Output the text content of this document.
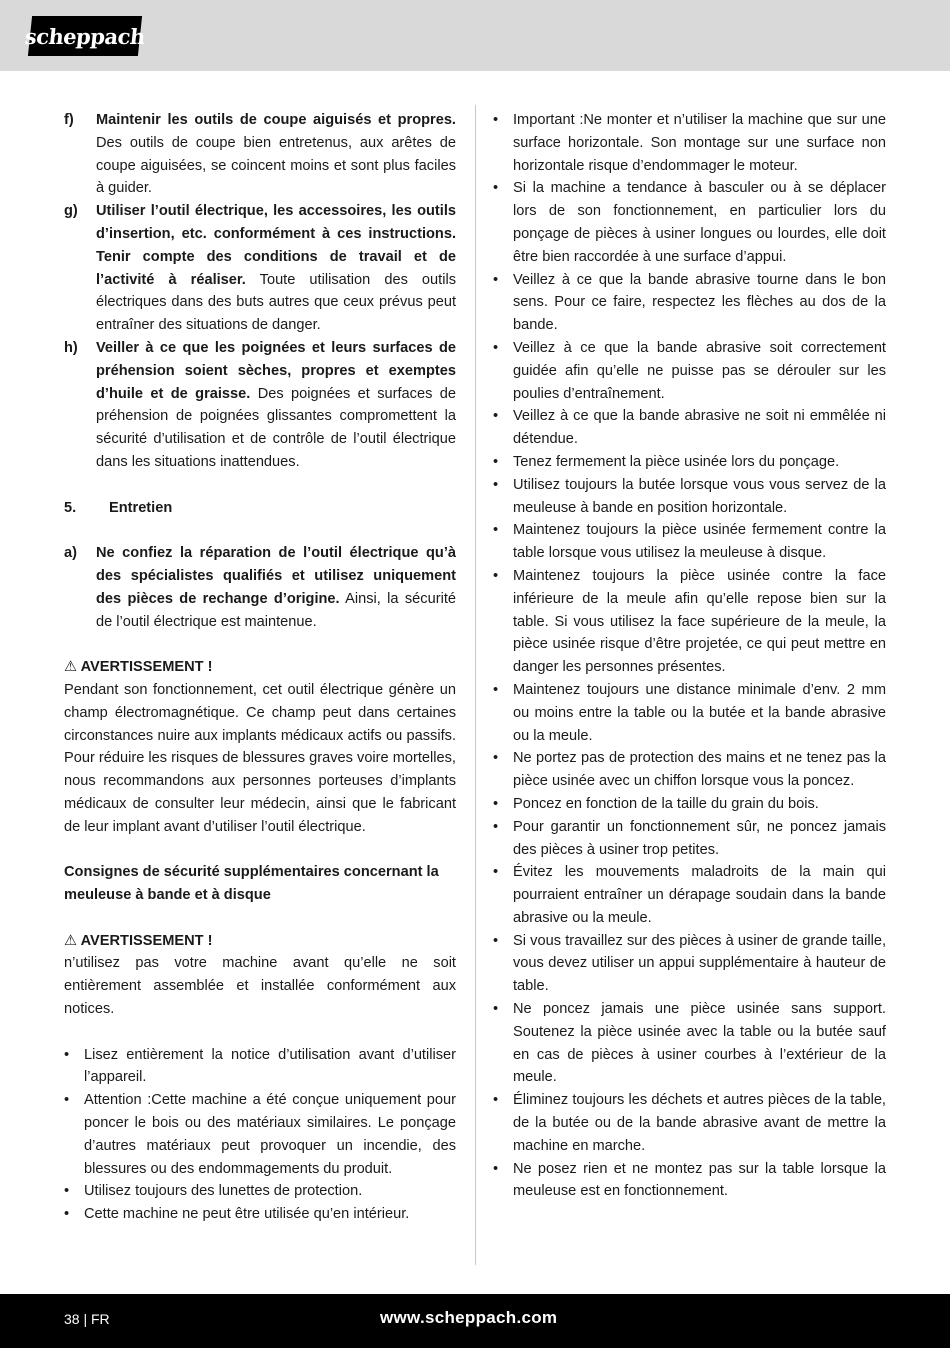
scheppach
f)	Maintenir les outils de coupe aiguisés et propres. Des outils de coupe bien entretenus, aux arêtes de coupe aiguisées, se coincent moins et sont plus faciles à guider.
g)	Utiliser l’outil électrique, les accessoires, les outils d’insertion, etc. conformément à ces instructions. Tenir compte des conditions de travail et de l’activité à réaliser. Toute utilisation des outils électriques dans des buts autres que ceux prévus peut entraîner des situations de danger.
h)	Veiller à ce que les poignées et leurs surfaces de préhension soient sèches, propres et exemptes d’huile et de graisse. Des poignées et surfaces de préhension de poignées glissantes compromettent la sécurité d’utilisation et de contrôle de l’outil électrique dans les situations inattendues.
5.	Entretien
a)	Ne confiez la réparation de l’outil électrique qu’à des spécialistes qualifiés et utilisez uniquement des pièces de rechange d’origine. Ainsi, la sécurité de l’outil électrique est maintenue.
⚠ AVERTISSEMENT !
Pendant son fonctionnement, cet outil électrique génère un champ électromagnétique. Ce champ peut dans certaines circonstances nuire aux implants médicaux actifs ou passifs. Pour réduire les risques de blessures graves voire mortelles, nous recommandons aux personnes porteuses d’implants médicaux de consulter leur médecin, ainsi que le fabricant de leur implant avant d’utiliser l’outil électrique.
Consignes de sécurité supplémentaires concernant la meuleuse à bande et à disque
⚠ AVERTISSEMENT !
n’utilisez pas votre machine avant qu’elle ne soit entièrement assemblée et installée conformément aux notices.
•	Lisez entièrement la notice d’utilisation avant d’utiliser l’appareil.
•	Attention :Cette machine a été conçue uniquement pour poncer le bois ou des matériaux similaires. Le ponçage d’autres matériaux peut provoquer un incendie, des blessures ou des endommagements du produit.
•	Utilisez toujours des lunettes de protection.
•	Cette machine ne peut être utilisée qu’en intérieur.
•	Important :Ne monter et n’utiliser la machine que sur une surface horizontale. Son montage sur une surface non horizontale risque d’endommager le moteur.
•	Si la machine a tendance à basculer ou à se déplacer lors de son fonctionnement, en particulier lors du ponçage de pièces à usiner longues ou lourdes, elle doit être bien raccordée à une surface d’appui.
•	Veillez à ce que la bande abrasive tourne dans le bon sens. Pour ce faire, respectez les flèches au dos de la bande.
•	Veillez à ce que la bande abrasive soit correctement guidée afin qu’elle ne puisse pas se dérouler sur les poulies d’entraînement.
•	Veillez à ce que la bande abrasive ne soit ni emmêlée ni détendue.
•	Tenez fermement la pièce usinée lors du ponçage.
•	Utilisez toujours la butée lorsque vous vous servez de la meuleuse à bande en position horizontale.
•	Maintenez toujours la pièce usinée fermement contre la table lorsque vous utilisez la meuleuse à disque.
•	Maintenez toujours la pièce usinée contre la face inférieure de la meule afin qu’elle repose bien sur la table. Si vous utilisez la face supérieure de la meule, la pièce usinée risque d’être projetée, ce qui peut mettre en danger les personnes présentes.
•	Maintenez toujours une distance minimale d’env. 2 mm ou moins entre la table ou la butée et la bande abrasive ou la meule.
•	Ne portez pas de protection des mains et ne tenez pas la pièce usinée avec un chiffon lorsque vous la poncez.
•	Poncez en fonction de la taille du grain du bois.
•	Pour garantir un fonctionnement sûr, ne poncez jamais des pièces à usiner trop petites.
•	Évitez les mouvements maladroits de la main qui pourraient entraîner un dérapage soudain dans la bande abrasive ou la meule.
•	Si vous travaillez sur des pièces à usiner de grande taille, vous devez utiliser un appui supplémentaire à hauteur de table.
•	Ne poncez jamais une pièce usinée sans support. Soutenez la pièce usinée avec la table ou la butée sauf en cas de pièces à usiner courbes à l’extérieur de la meule.
•	Éliminez toujours les déchets et autres pièces de la table, de la butée ou de la bande abrasive avant de mettre la machine en marche.
•	Ne posez rien et ne montez pas sur la table lorsque la meuleuse est en fonctionnement.
38 | FR	www.scheppach.com
